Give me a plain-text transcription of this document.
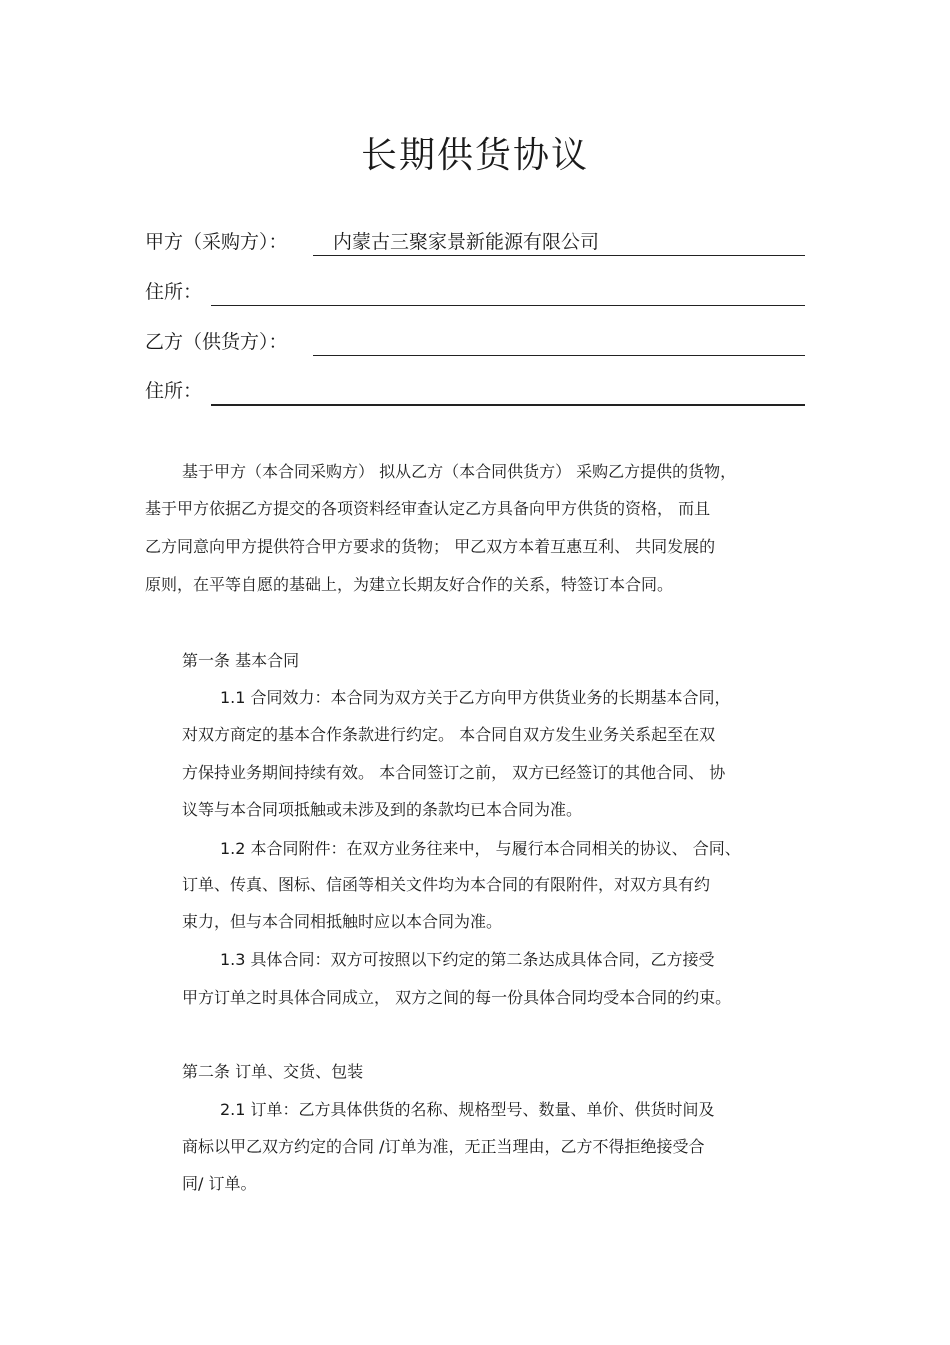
长期供货协议
甲方（采购方）： 内蒙古三聚家景新能源有限公司
住所：
乙方（供货方）：
住所：
基于甲方（本合同采购方） 拟从乙方（本合同供货方） 采购乙方提供的货物，
基于甲方依据乙方提交的各项资料经审查认定乙方具备向甲方供货的资格， 而且
乙方同意向甲方提供符合甲方要求的货物； 甲乙双方本着互惠互利、 共同发展的
原则，在平等自愿的基础上，为建立长期友好合作的关系，特签订本合同。
第一条 基本合同
1.1 合同效力：本合同为双方关于乙方向甲方供货业务的长期基本合同，
对双方商定的基本合作条款进行约定。 本合同自双方发生业务关系起至在双
方保持业务期间持续有效。 本合同签订之前， 双方已经签订的其他合同、 协
议等与本合同项抵触或未涉及到的条款均已本合同为准。
1.2 本合同附件：在双方业务往来中， 与履行本合同相关的协议、 合同、
订单、传真、图标、信函等相关文件均为本合同的有限附件，对双方具有约
束力，但与本合同相抵触时应以本合同为准。
1.3 具体合同：双方可按照以下约定的第二条达成具体合同，乙方接受
甲方订单之时具体合同成立， 双方之间的每一份具体合同均受本合同的约束。
第二条 订单、交货、包装
2.1 订单：乙方具体供货的名称、规格型号、数量、单价、供货时间及
商标以甲乙双方约定的合同 /订单为准，无正当理由，乙方不得拒绝接受合
同/ 订单。
